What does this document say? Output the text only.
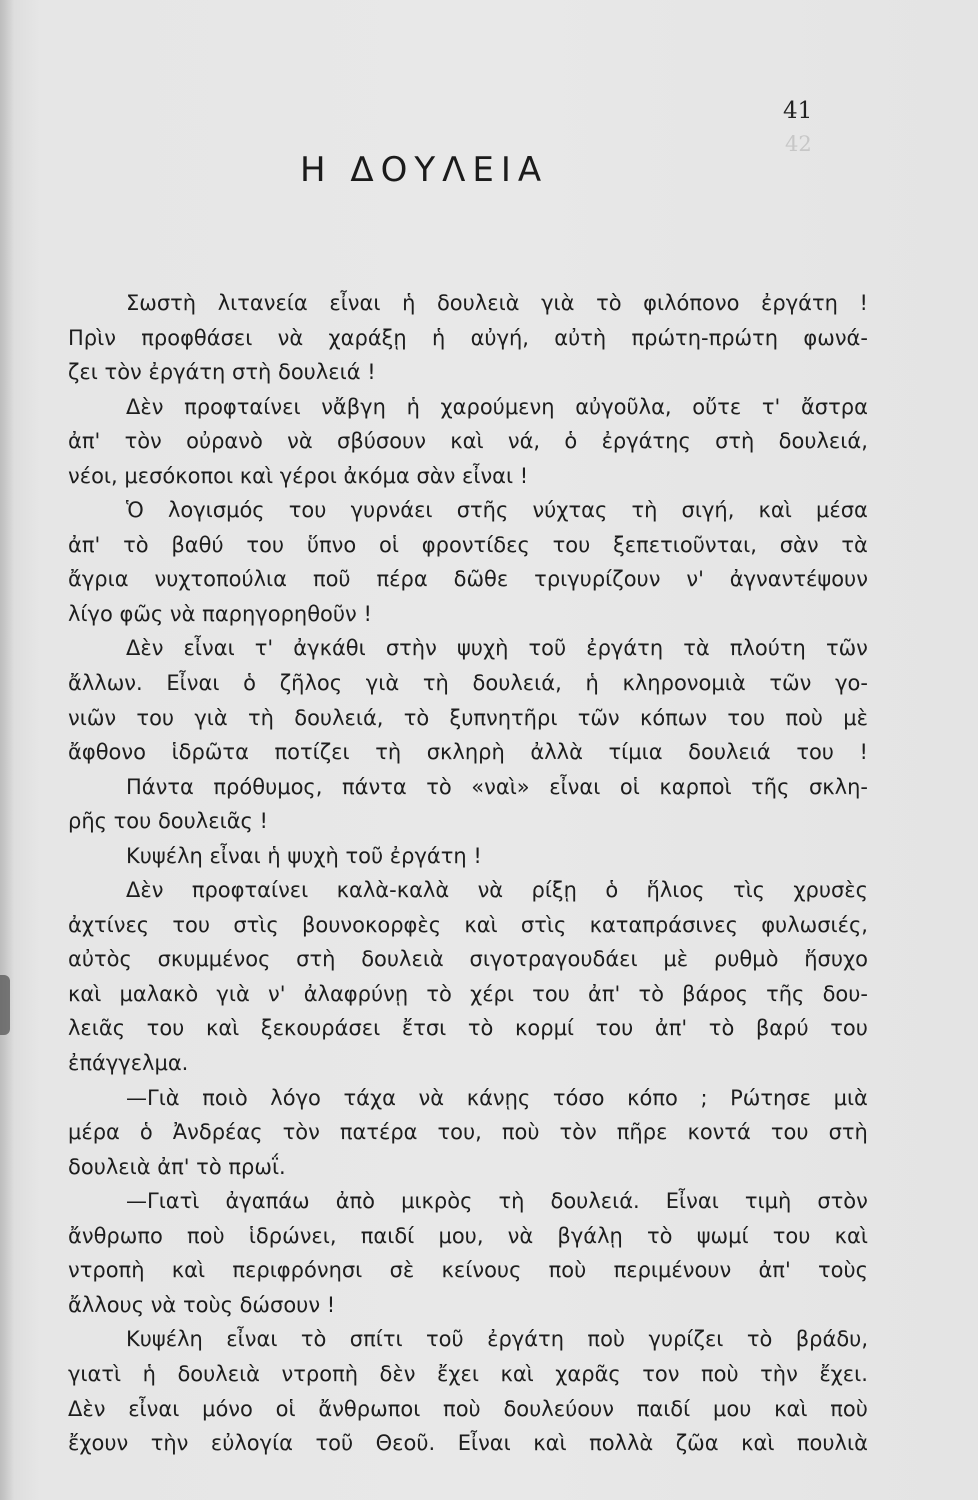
42
41
Η ΔΟΥΛΕΙΑ
Σωστὴ λιτανεία εἶναι ἡ δουλειὰ γιὰ τὸ φιλόπονο ἐργάτη !
Πρὶν προφθάσει νὰ χαράξῃ ἡ αὐγή, αὐτὴ πρώτη-πρώτη φωνά-
ζει τὸν ἐργάτη στὴ δουλειά !
Δὲν προφταίνει νἄβγη ἡ χαρούμενη αὐγοῦλα, οὔτε τ' ἄστρα
ἀπ' τὸν οὐρανὸ νὰ σβύσουν καὶ νά, ὁ ἐργάτης στὴ δουλειά,
νέοι, μεσόκοποι καὶ γέροι ἀκόμα σὰν εἶναι !
Ὁ λογισμός του γυρνάει στῆς νύχτας τὴ σιγή, καὶ μέσα
ἀπ' τὸ βαθύ του ὕπνο οἱ φροντίδες του ξεπετιοῦνται, σὰν τὰ
ἄγρια νυχτοπούλια ποῦ πέρα δῶθε τριγυρίζουν ν' ἀγναντέψουν
λίγο φῶς νὰ παρηγορηθοῦν !
Δὲν εἶναι τ' ἀγκάθι στὴν ψυχὴ τοῦ ἐργάτη τὰ πλούτη τῶν
ἄλλων. Εἶναι ὁ ζῆλος γιὰ τὴ δουλειά, ἡ κληρονομιὰ τῶν γο-
νιῶν του γιὰ τὴ δουλειά, τὸ ξυπνητῆρι τῶν κόπων του ποὺ μὲ
ἄφθονο ἱδρῶτα ποτίζει τὴ σκληρὴ ἀλλὰ τίμια δουλειά του !
Πάντα πρόθυμος, πάντα τὸ «ναὶ» εἶναι οἱ καρποὶ τῆς σκλη-
ρῆς του δουλειᾶς !
Κυψέλη εἶναι ἡ ψυχὴ τοῦ ἐργάτη !
Δὲν προφταίνει καλὰ-καλὰ νὰ ρίξῃ ὁ ἥλιος τὶς χρυσὲς
ἀχτίνες του στὶς βουνοκορφὲς καὶ στὶς καταπράσινες φυλωσιές,
αὐτὸς σκυμμένος στὴ δουλειὰ σιγοτραγουδάει μὲ ρυθμὸ ἥσυχο
καὶ μαλακὸ γιὰ ν' ἀλαφρύνῃ τὸ χέρι του ἀπ' τὸ βάρος τῆς δου-
λειᾶς του καὶ ξεκουράσει ἔτσι τὸ κορμί του ἀπ' τὸ βαρύ του
ἐπάγγελμα.
—Γιὰ ποιὸ λόγο τάχα νὰ κάνῃς τόσο κόπο ; Ρώτησε μιὰ
μέρα ὁ Ἀνδρέας τὸν πατέρα του, ποὺ τὸν πῆρε κοντά του στὴ
δουλειὰ ἀπ' τὸ πρωΐ.
—Γιατὶ ἀγαπάω ἀπὸ μικρὸς τὴ δουλειά. Εἶναι τιμὴ στὸν
ἄνθρωπο ποὺ ἱδρώνει, παιδί μου, νὰ βγάλῃ τὸ ψωμί του καὶ
ντροπὴ καὶ περιφρόνησι σὲ κείνους ποὺ περιμένουν ἀπ' τοὺς
ἄλλους νὰ τοὺς δώσουν !
Κυψέλη εἶναι τὸ σπίτι τοῦ ἐργάτη ποὺ γυρίζει τὸ βράδυ,
γιατὶ ἡ δουλειὰ ντροπὴ δὲν ἔχει καὶ χαρᾶς τον ποὺ τὴν ἔχει.
Δὲν εἶναι μόνο οἱ ἄνθρωποι ποὺ δουλεύουν παιδί μου καὶ ποὺ
ἔχουν τὴν εὐλογία τοῦ Θεοῦ. Εἶναι καὶ πολλὰ ζῶα καὶ πουλιὰ
